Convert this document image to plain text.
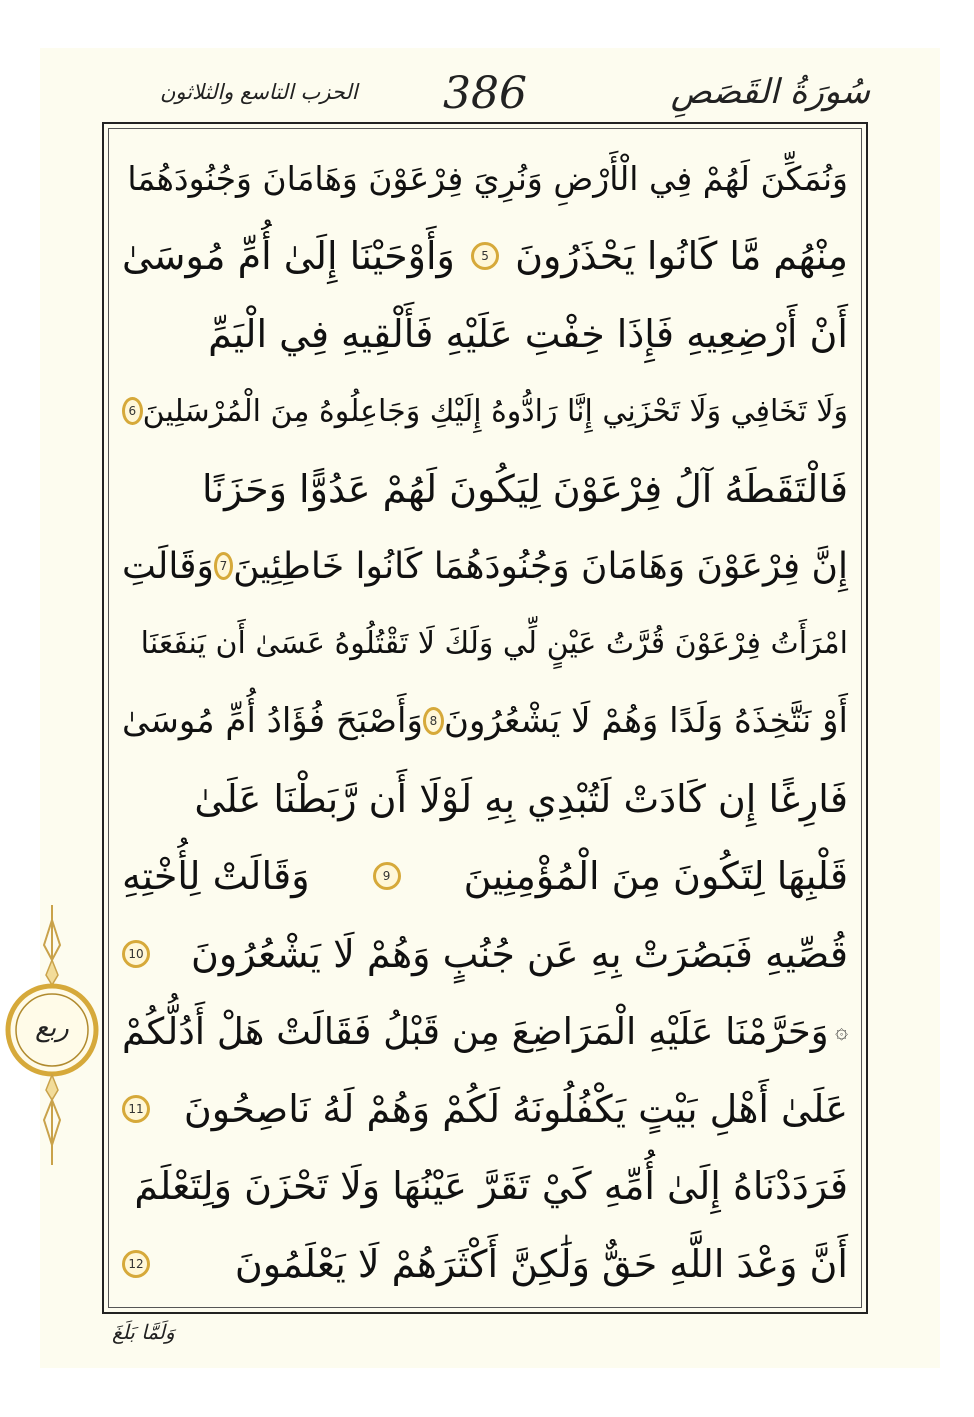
سُورَةُ القَصَصِ
386
الحزب التاسع والثلاثون
وَنُمَكِّنَ لَهُمْ فِي الْأَرْضِ وَنُرِيَ فِرْعَوْنَ وَهَامَانَ وَجُنُودَهُمَا
مِنْهُم مَّا كَانُوا يَحْذَرُونَ
5
وَأَوْحَيْنَا إِلَىٰ أُمِّ مُوسَىٰ
أَنْ أَرْضِعِيهِ فَإِذَا خِفْتِ عَلَيْهِ فَأَلْقِيهِ فِي الْيَمِّ
وَلَا تَخَافِي وَلَا تَحْزَنِي إِنَّا رَادُّوهُ إِلَيْكِ وَجَاعِلُوهُ مِنَ الْمُرْسَلِينَ
6
فَالْتَقَطَهُ آلُ فِرْعَوْنَ لِيَكُونَ لَهُمْ عَدُوًّا وَحَزَنًا
إِنَّ فِرْعَوْنَ وَهَامَانَ وَجُنُودَهُمَا كَانُوا خَاطِئِينَ
7
وَقَالَتِ
امْرَأَتُ فِرْعَوْنَ قُرَّتُ عَيْنٍ لِّي وَلَكَ لَا تَقْتُلُوهُ عَسَىٰ أَن يَنفَعَنَا
أَوْ نَتَّخِذَهُ وَلَدًا وَهُمْ لَا يَشْعُرُونَ
8
وَأَصْبَحَ فُؤَادُ أُمِّ مُوسَىٰ
فَارِغًا إِن كَادَتْ لَتُبْدِي بِهِ لَوْلَا أَن رَّبَطْنَا عَلَىٰ
قَلْبِهَا لِتَكُونَ مِنَ الْمُؤْمِنِينَ
9
وَقَالَتْ لِأُخْتِهِ
قُصِّيهِ فَبَصُرَتْ بِهِ عَن جُنُبٍ وَهُمْ لَا يَشْعُرُونَ
10
۞
وَحَرَّمْنَا عَلَيْهِ الْمَرَاضِعَ مِن قَبْلُ فَقَالَتْ هَلْ أَدُلُّكُمْ
عَلَىٰ أَهْلِ بَيْتٍ يَكْفُلُونَهُ لَكُمْ وَهُمْ لَهُ نَاصِحُونَ
11
فَرَدَدْنَاهُ إِلَىٰ أُمِّهِ كَيْ تَقَرَّ عَيْنُهَا وَلَا تَحْزَنَ وَلِتَعْلَمَ
أَنَّ وَعْدَ اللَّهِ حَقٌّ وَلَٰكِنَّ أَكْثَرَهُمْ لَا يَعْلَمُونَ
12
ربع
وَلَمَّا بَلَغَ
